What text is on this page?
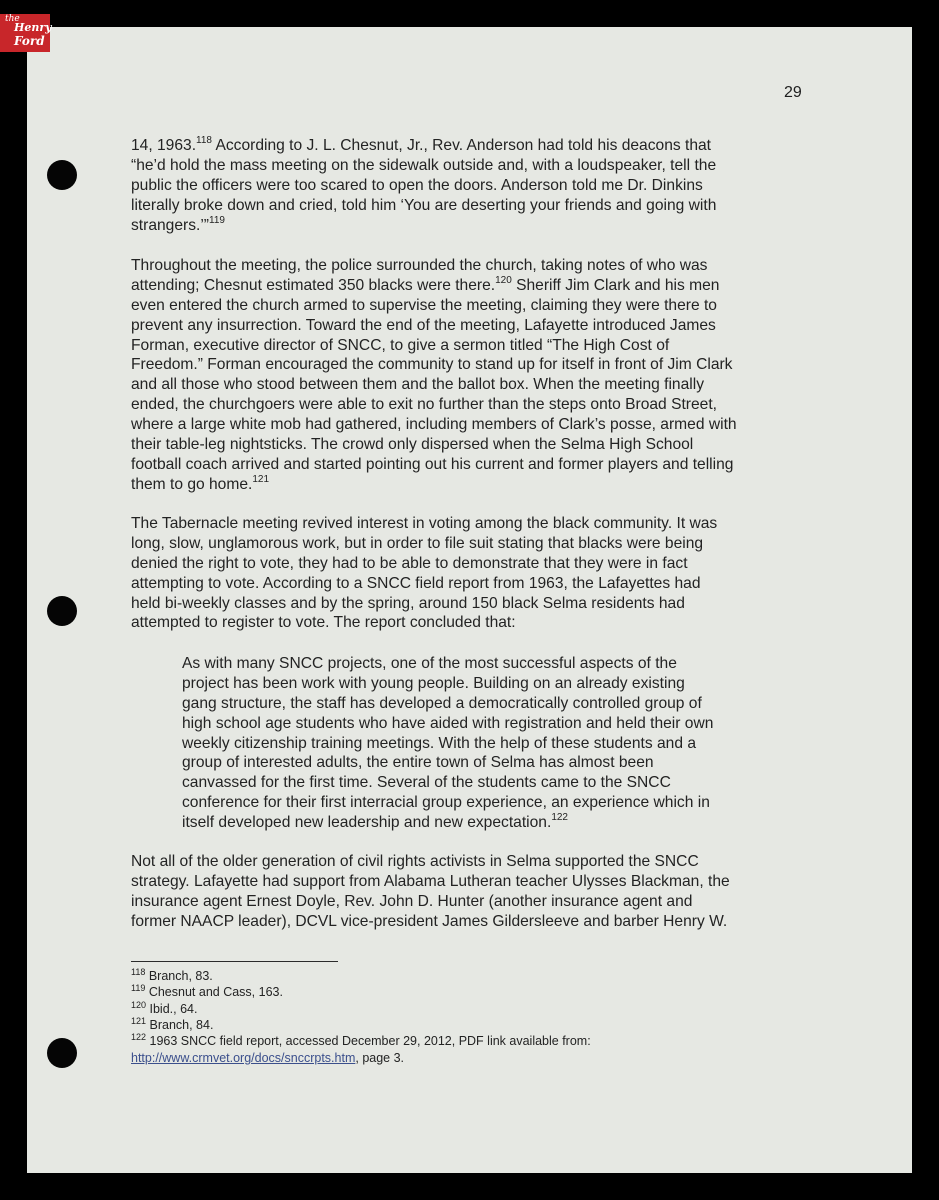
the
Henry
Ford
29
14, 1963.$^{118}$ According to J. L. Chesnut, Jr., Rev. Anderson had told his deacons that
“he’d hold the mass meeting on the sidewalk outside and, with a loudspeaker, tell the
public the officers were too scared to open the doors. Anderson told me Dr. Dinkins
literally broke down and cried, told him ‘You are deserting your friends and going with
strangers.’”$^{119}$
Throughout the meeting, the police surrounded the church, taking notes of who was
attending; Chesnut estimated 350 blacks were there.$^{120}$ Sheriff Jim Clark and his men
even entered the church armed to supervise the meeting, claiming they were there to
prevent any insurrection. Toward the end of the meeting, Lafayette introduced James
Forman, executive director of SNCC, to give a sermon titled “The High Cost of
Freedom.” Forman encouraged the community to stand up for itself in front of Jim Clark
and all those who stood between them and the ballot box. When the meeting finally
ended, the churchgoers were able to exit no further than the steps onto Broad Street,
where a large white mob had gathered, including members of Clark’s posse, armed with
their table-leg nightsticks. The crowd only dispersed when the Selma High School
football coach arrived and started pointing out his current and former players and telling
them to go home.$^{121}$
The Tabernacle meeting revived interest in voting among the black community. It was
long, slow, unglamorous work, but in order to file suit stating that blacks were being
denied the right to vote, they had to be able to demonstrate that they were in fact
attempting to vote. According to a SNCC field report from 1963, the Lafayettes had
held bi-weekly classes and by the spring, around 150 black Selma residents had
attempted to register to vote. The report concluded that:
As with many SNCC projects, one of the most successful aspects of the
project has been work with young people. Building on an already existing
gang structure, the staff has developed a democratically controlled group of
high school age students who have aided with registration and held their own
weekly citizenship training meetings. With the help of these students and a
group of interested adults, the entire town of Selma has almost been
canvassed for the first time. Several of the students came to the SNCC
conference for their first interracial group experience, an experience which in
itself developed new leadership and new expectation.$^{122}$
Not all of the older generation of civil rights activists in Selma supported the SNCC
strategy. Lafayette had support from Alabama Lutheran teacher Ulysses Blackman, the
insurance agent Ernest Doyle, Rev. John D. Hunter (another insurance agent and
former NAACP leader), DCVL vice-president James Gildersleeve and barber Henry W.
$^{118}$ Branch, 83.
$^{119}$ Chesnut and Cass, 163.
$^{120}$ Ibid., 64.
$^{121}$ Branch, 84.
$^{122}$ 1963 SNCC field report, accessed December 29, 2012, PDF link available from:
http://www.crmvet.org/docs/snccrpts.htm, page 3.
